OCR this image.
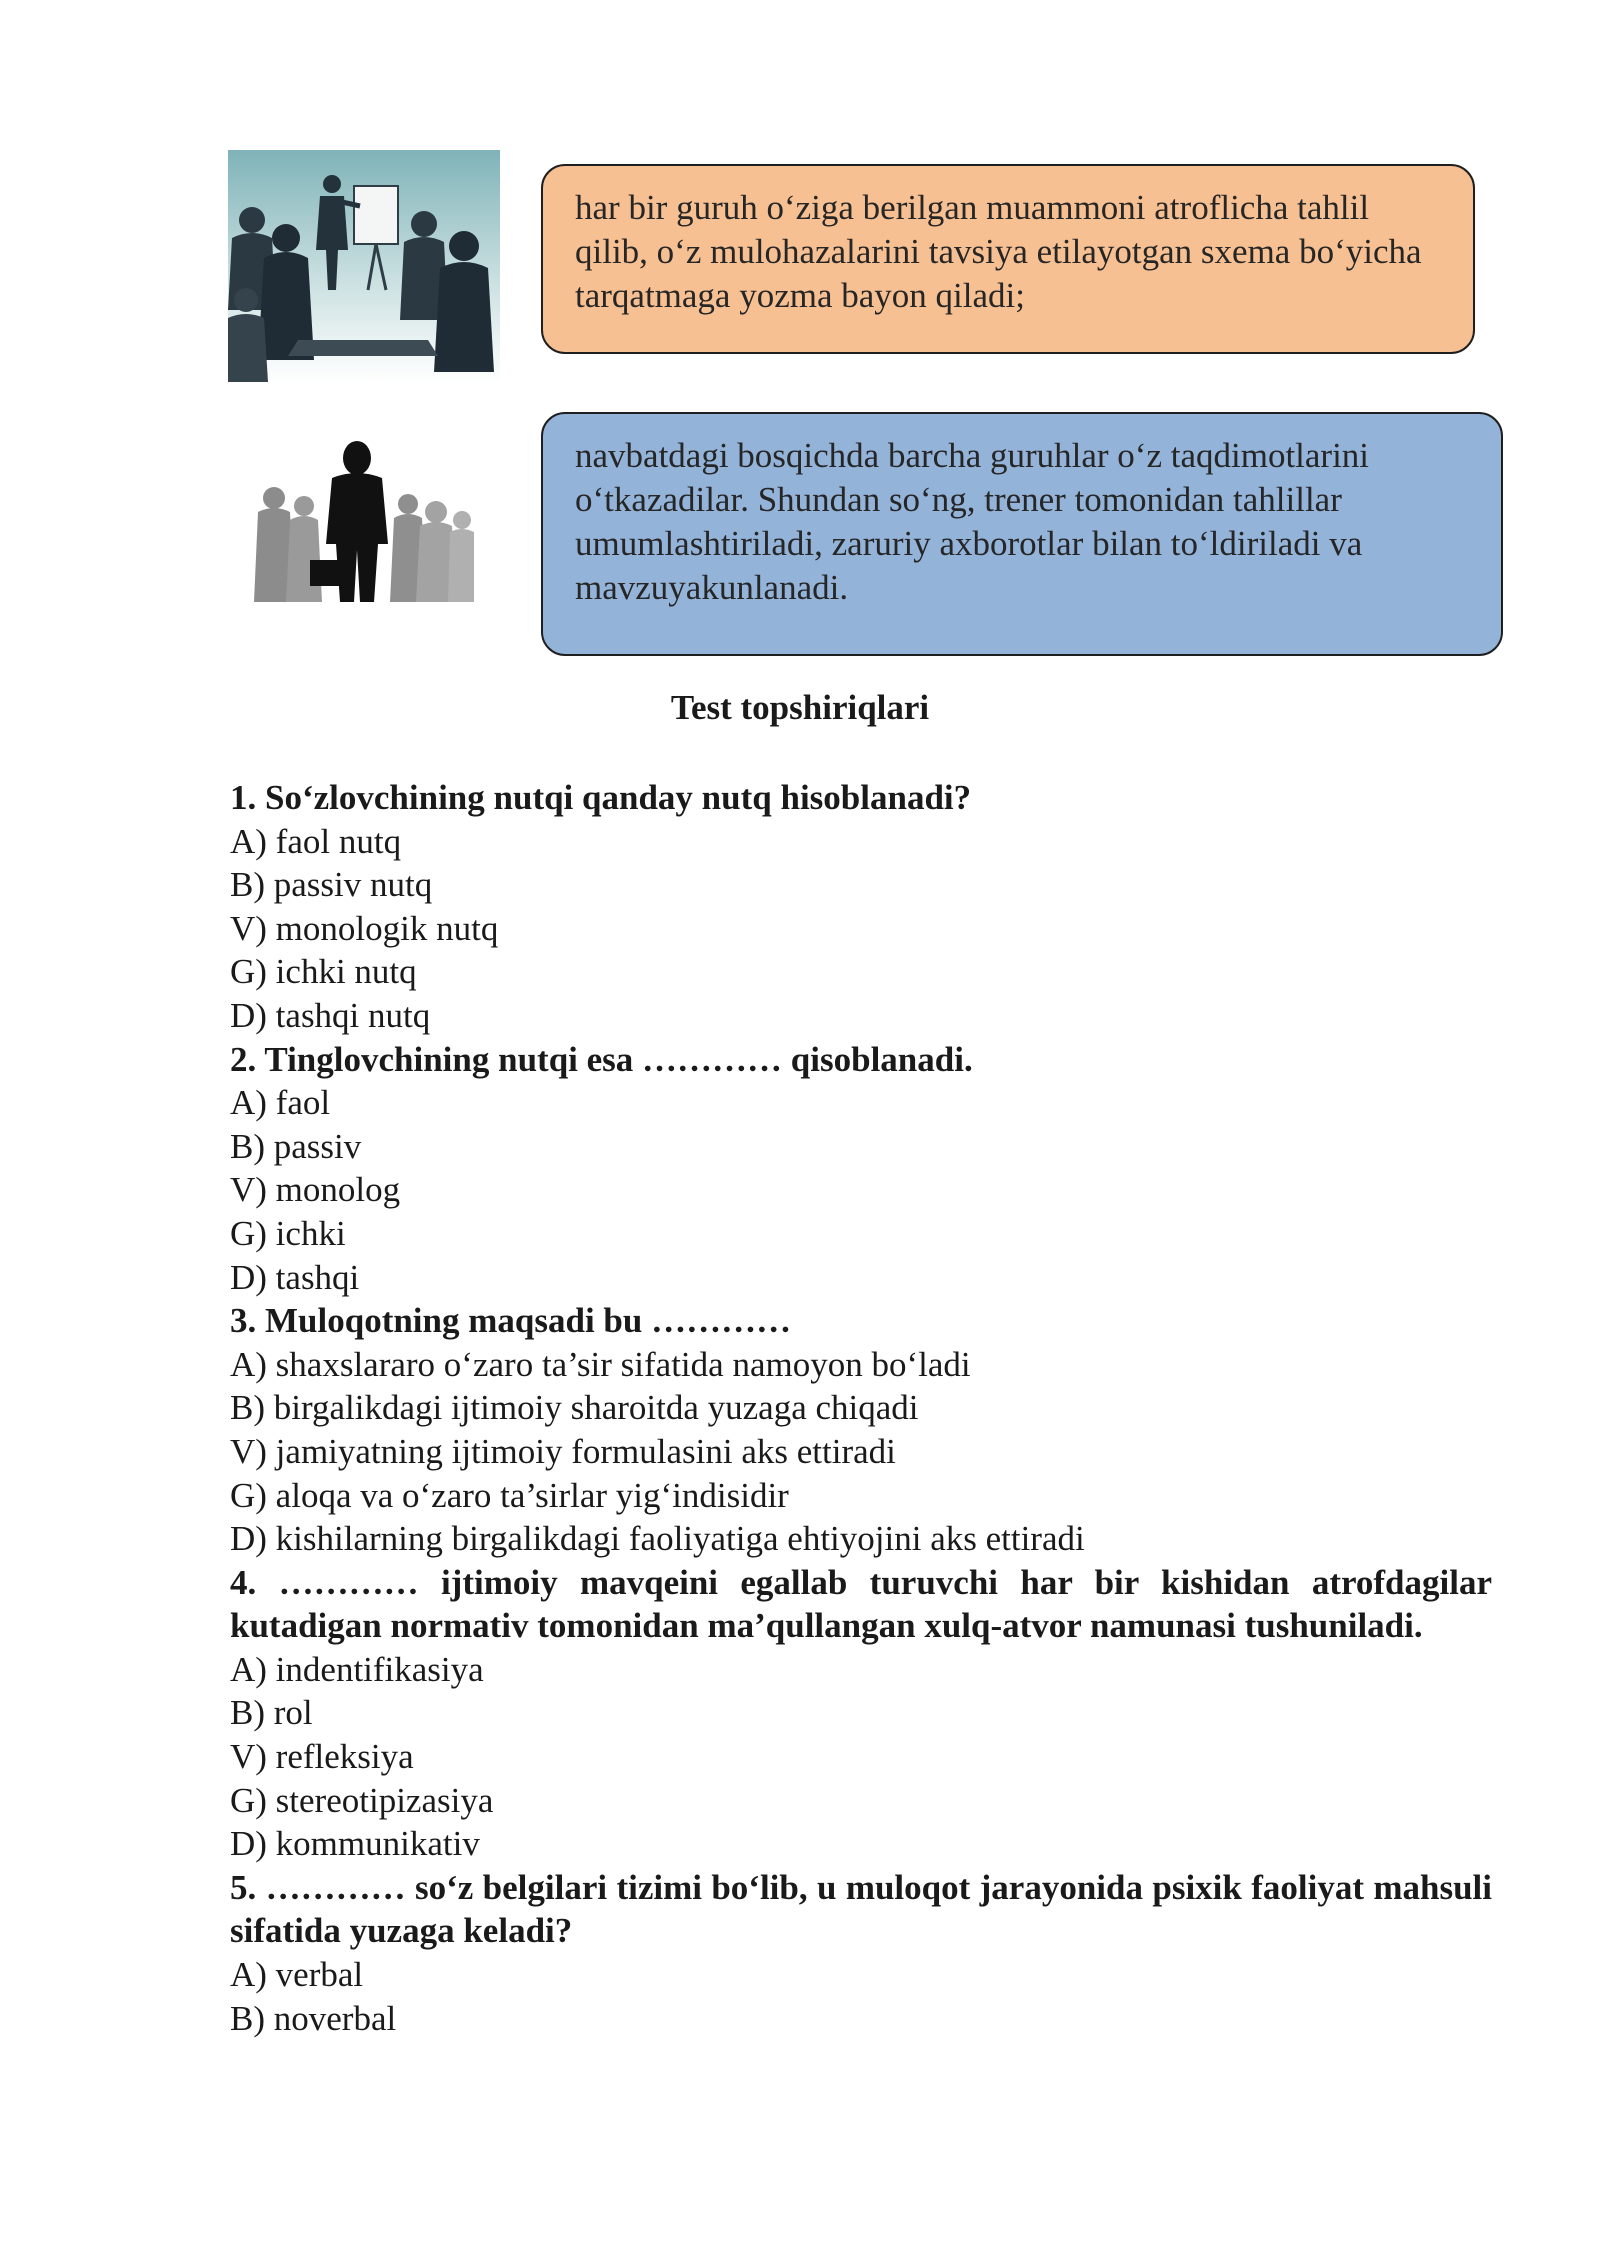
har bir guruh o‘ziga berilgan muammoni atroflicha tahlil qilib, o‘z mulohazalarini tavsiya etilayotgan sxema bo‘yicha tarqatmaga yozma bayon qiladi;
navbatdagi bosqichda barcha guruhlar o‘z taqdimotlarini o‘tkazadilar. Shundan so‘ng, trener tomonidan tahlillar umumlashtiriladi, zaruriy axborotlar bilan to‘ldiriladi va mavzuyakunlanadi.
Test topshiriqlari
1. So‘zlovchining nutqi qanday nutq hisoblanadi?
A) faol nutq
B) passiv nutq
V) monologik nutq
G) ichki nutq
D) tashqi nutq
2. Tinglovchining nutqi esa ………… qisoblanadi.
A) faol
B) passiv
V) monolog
G) ichki
D) tashqi
3. Muloqotning maqsadi bu …………
A) shaxslararo o‘zaro ta’sir sifatida namoyon bo‘ladi
B) birgalikdagi ijtimoiy sharoitda yuzaga chiqadi
V) jamiyatning ijtimoiy formulasini aks ettiradi
G) aloqa va o‘zaro ta’sirlar yig‘indisidir
D) kishilarning birgalikdagi faoliyatiga ehtiyojini aks ettiradi
4. ………… ijtimoiy mavqeini egallab turuvchi har bir kishidan atrofdagilar kutadigan normativ tomonidan ma’qullangan xulq-atvor namunasi tushuniladi.
A) indentifikasiya
B) rol
V) refleksiya
G) stereotipizasiya
D) kommunikativ
5. ………… so‘z belgilari tizimi bo‘lib, u muloqot jarayonida psixik faoliyat mahsuli sifatida yuzaga keladi?
A) verbal
B) noverbal
